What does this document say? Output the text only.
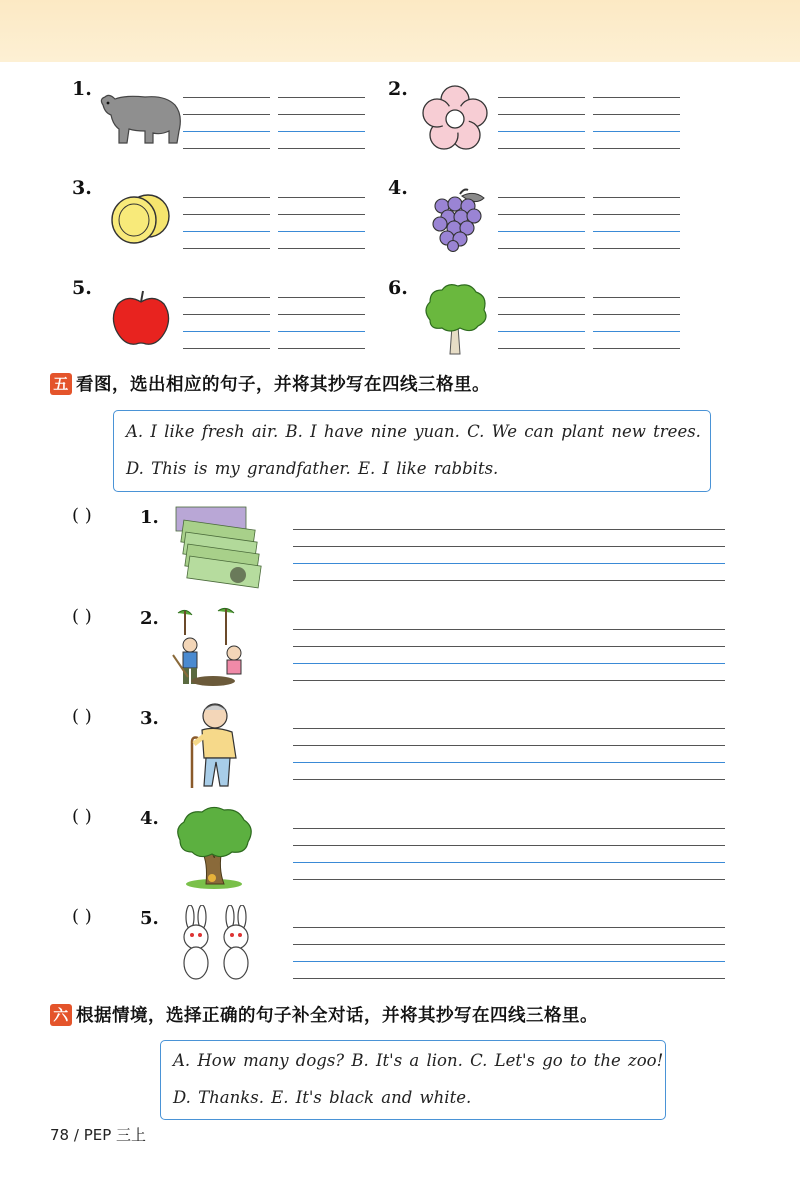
1.	2.
3.	4.
5.	6.
五 看图，选出相应的句子，并将其抄写在四线三格里。
A. I like fresh air. B. I have nine yuan. C. We can plant new trees.
D. This is my grandfather. E. I like rabbits.
( )	1.
( )	2.
( )	3.
( )	4.
( )	5.
六 根据情境，选择正确的句子补全对话，并将其抄写在四线三格里。
A. How many dogs? B. It's a lion. C. Let's go to the zoo!
D. Thanks. E. It's black and white.
78 / PEP 三上
